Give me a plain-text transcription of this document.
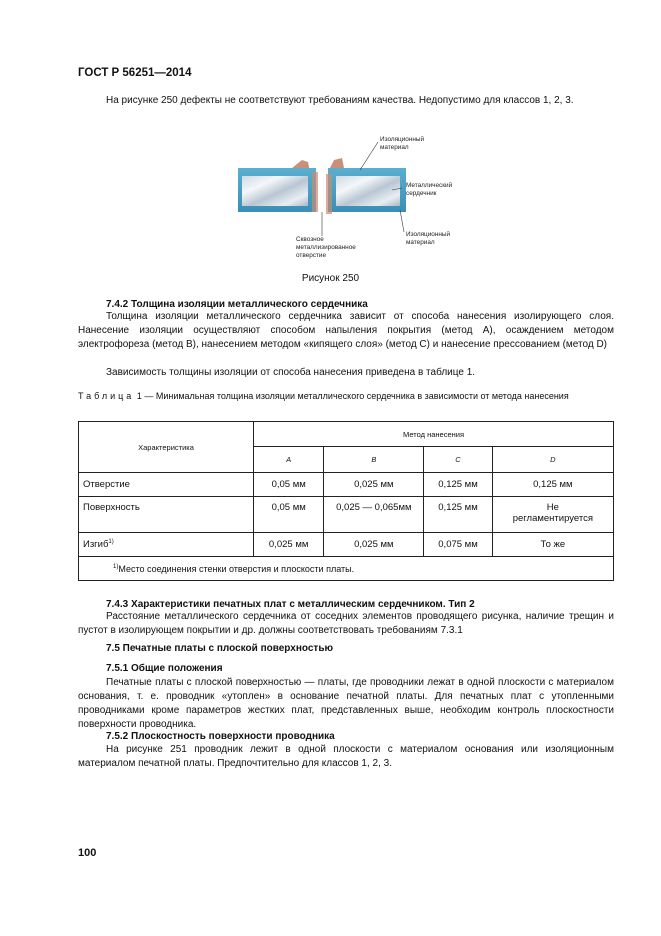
ГОСТ Р 56251—2014

На рисунке 250 дефекты не соответствуют требованиям качества. Недопустимо для классов 1, 2, 3.

Изоляционный материал
Металлический сердечник
Изоляционный материал
Сквозное металлизированное отверстие
Рисунок 250
7.4.2 Толщина изоляции металлического сердечника

Толщина изоляции металлического сердечника зависит от способа нанесения изолирующего слоя. Нанесение изоляции осуществляют способом напыления покрытия (метод A), осаждением методом электрофореза (метод B), нанесением методом «кипящего слоя» (метод C) и нанесение прессованием (метод D)

Зависимость толщины изоляции от способа нанесения приведена в таблице 1.

Таблица 1 — Минимальная толщина изоляции металлического сердечника в зависимости от метода нанесения
Характеристика	Метод нанесения			
	A	B	C	D
Отверстие	0,05 мм	0,025 мм	0,125 мм	0,125 мм
Поверхность	0,05 мм	0,025 — 0,065мм	0,125 мм	Не регламентируется
Изгиб$^{1)}$	0,025 мм	0,025 мм	0,075 мм	То же
$^{1)}$Место соединения стенки отверстия и плоскости платы.				
7.4.3 Характеристики печатных плат с металлическим сердечником. Тип 2

Расстояние металлического сердечника от соседних элементов проводящего рисунка, наличие трещин и пустот в изолирующем покрытии и др. должны соответствовать требованиям 7.3.1

7.5 Печатные платы с плоской поверхностью
7.5.1 Общие положения

Печатные платы с плоской поверхностью — платы, где проводники лежат в одной плоскости с материалом основания, т. е. проводник «утоплен» в основание печатной платы. Для печатных плат с утопленными проводниками кроме параметров жестких плат, представленных выше, необходим контроль плоскостности поверхности проводника.

7.5.2 Плоскостность поверхности проводника

На рисунке 251 проводник лежит в одной плоскости с материалом основания или изоляционным материалом печатной платы. Предпочтительно для классов 1, 2, 3.

100
